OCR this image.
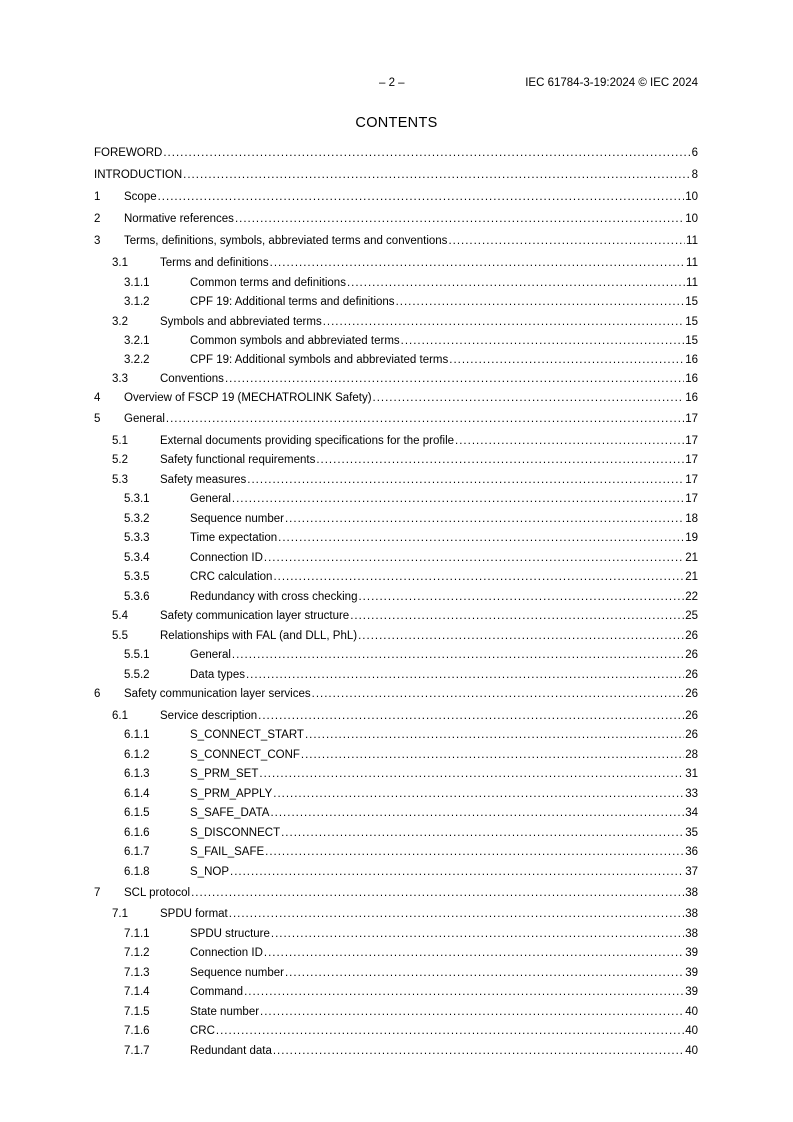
– 2 –	IEC 61784-3-19:2024 © IEC 2024
CONTENTS
FOREWORD .....	6
INTRODUCTION .....	8
1	Scope .....	10
2	Normative references .....	10
3	Terms, definitions, symbols, abbreviated terms and conventions .....	11
3.1	Terms and definitions .....	11
3.1.1	Common terms and definitions .....	11
3.1.2	CPF 19: Additional terms and definitions .....	15
3.2	Symbols and abbreviated terms .....	15
3.2.1	Common symbols and abbreviated terms .....	15
3.2.2	CPF 19: Additional symbols and abbreviated terms .....	16
3.3	Conventions .....	16
4	Overview of FSCP 19 (MECHATROLINK Safety) .....	16
5	General .....	17
5.1	External documents providing specifications for the profile .....	17
5.2	Safety functional requirements .....	17
5.3	Safety measures .....	17
5.3.1	General .....	17
5.3.2	Sequence number .....	18
5.3.3	Time expectation .....	19
5.3.4	Connection ID .....	21
5.3.5	CRC calculation .....	21
5.3.6	Redundancy with cross checking .....	22
5.4	Safety communication layer structure .....	25
5.5	Relationships with FAL (and DLL, PhL) .....	26
5.5.1	General .....	26
5.5.2	Data types .....	26
6	Safety communication layer services .....	26
6.1	Service description .....	26
6.1.1	S_CONNECT_START .....	26
6.1.2	S_CONNECT_CONF .....	28
6.1.3	S_PRM_SET .....	31
6.1.4	S_PRM_APPLY .....	33
6.1.5	S_SAFE_DATA .....	34
6.1.6	S_DISCONNECT .....	35
6.1.7	S_FAIL_SAFE .....	36
6.1.8	S_NOP .....	37
7	SCL protocol .....	38
7.1	SPDU format .....	38
7.1.1	SPDU structure .....	38
7.1.2	Connection ID .....	39
7.1.3	Sequence number .....	39
7.1.4	Command .....	39
7.1.5	State number .....	40
7.1.6	CRC .....	40
7.1.7	Redundant data .....	40
